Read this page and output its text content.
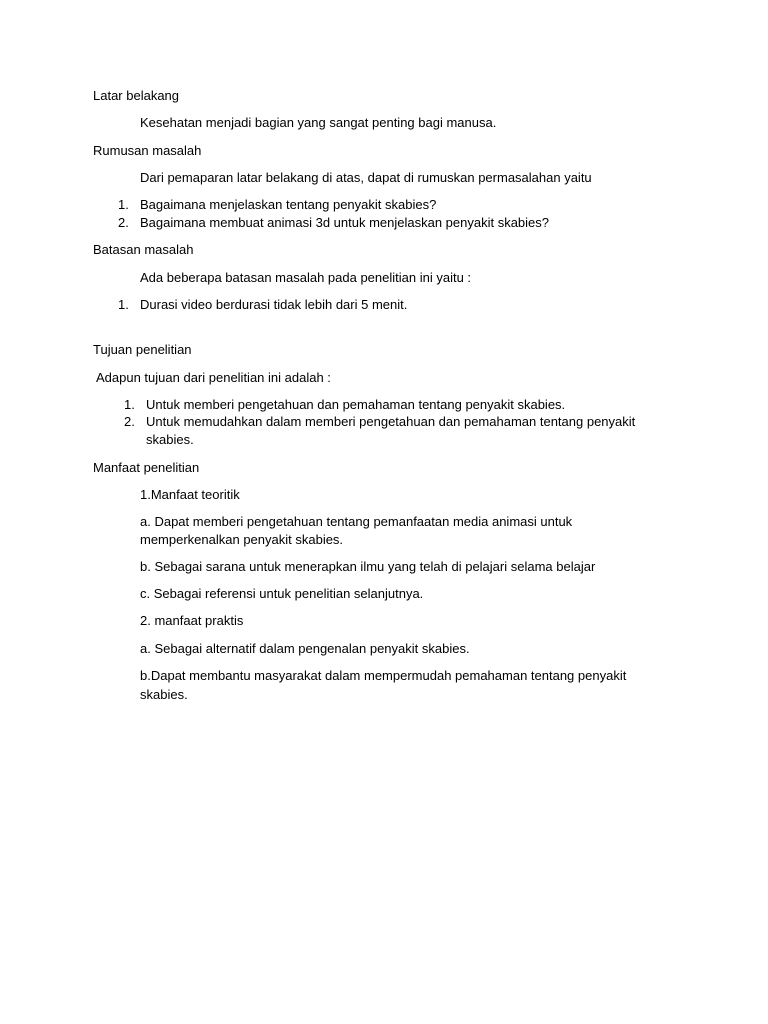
Latar belakang

Kesehatan menjadi bagian yang sangat penting bagi manusa.

Rumusan masalah

Dari pemaparan latar belakang di atas, dapat di rumuskan permasalahan yaitu

1. Bagaimana menjelaskan tentang penyakit skabies?
2. Bagaimana membuat animasi 3d untuk menjelaskan penyakit skabies?

Batasan masalah

Ada beberapa batasan masalah pada penelitian ini yaitu :

1. Durasi video berdurasi tidak lebih dari 5 menit.

Tujuan penelitian

Adapun tujuan dari penelitian ini adalah :

1. Untuk memberi pengetahuan dan pemahaman tentang penyakit skabies.
2. Untuk memudahkan dalam memberi pengetahuan dan pemahaman tentang penyakit

skabies.

Manfaat penelitian

1.Manfaat teoritik

a. Dapat memberi pengetahuan tentang pemanfaatan media animasi untuk

memperkenalkan penyakit skabies.

b. Sebagai sarana untuk menerapkan ilmu yang telah di pelajari selama belajar

c. Sebagai referensi untuk penelitian selanjutnya.

2. manfaat praktis

a. Sebagai alternatif dalam pengenalan penyakit skabies.

b.Dapat membantu masyarakat dalam mempermudah pemahaman tentang penyakit

skabies.
